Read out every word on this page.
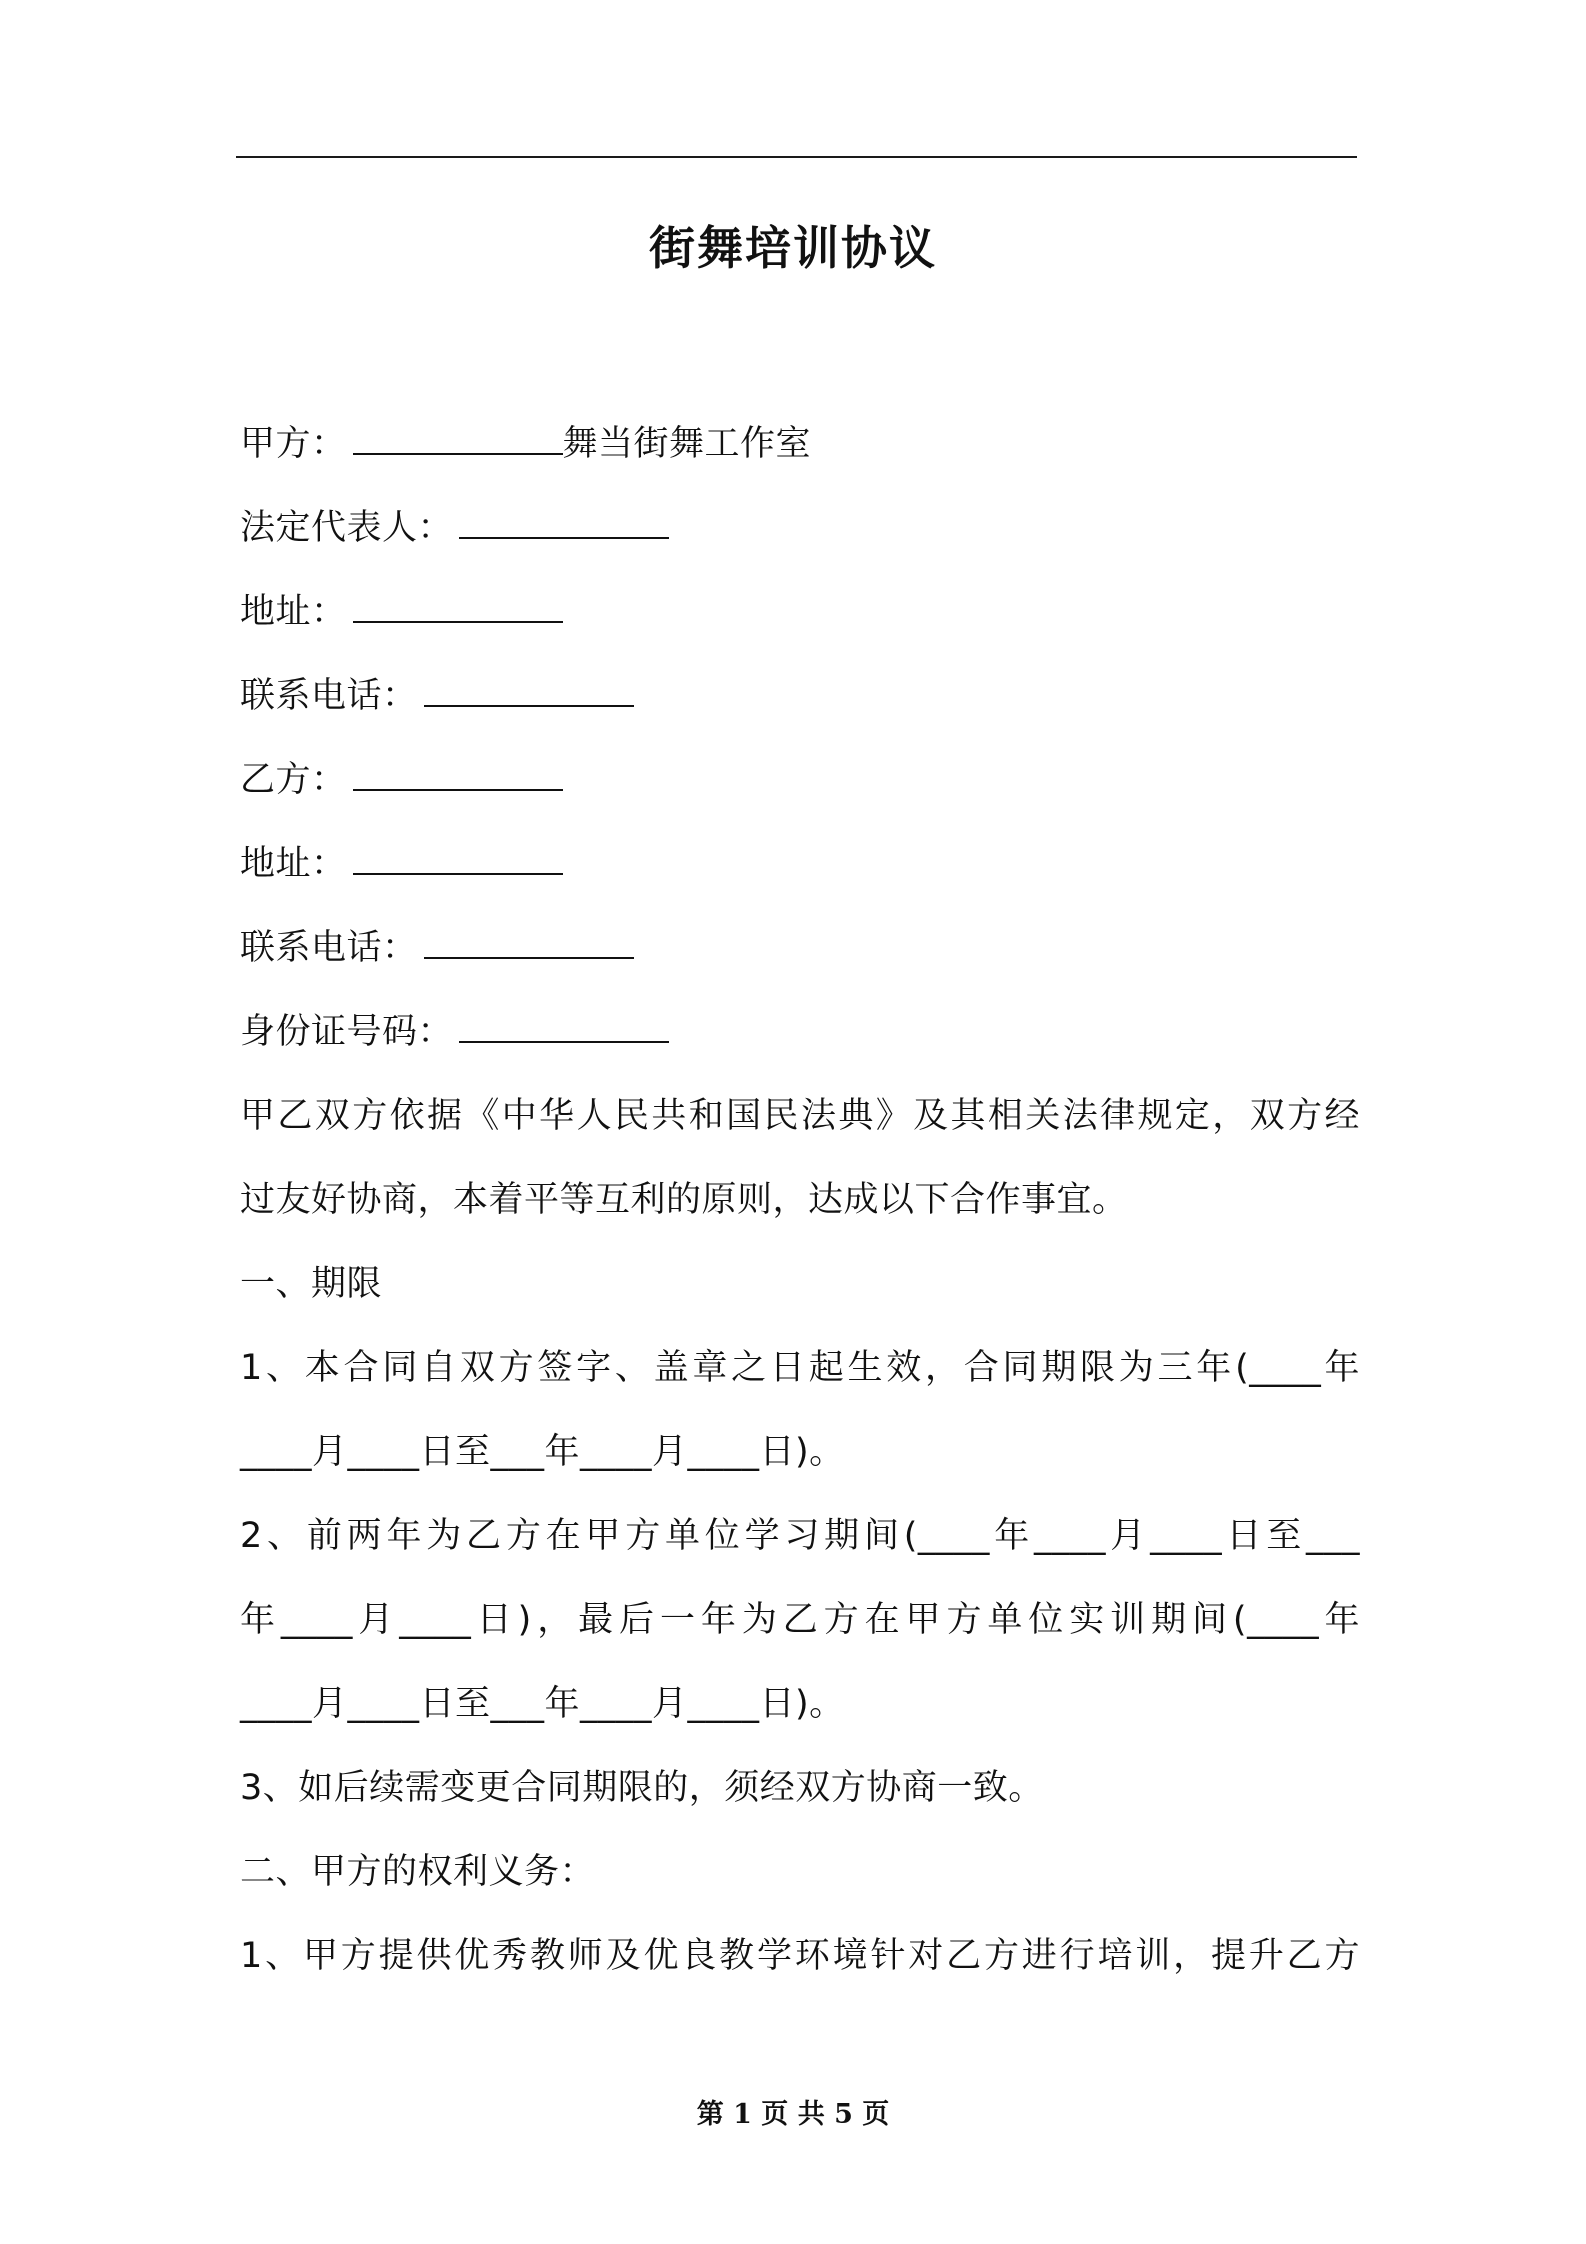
街舞培训协议
甲方：	舞当街舞工作室
法定代表人：
地址：
联系电话：
乙方：
地址：
联系电话：
身份证号码：
甲乙双方依据《中华人民共和国民法典》及其相关法律规定，双方经
过友好协商，本着平等互利的原则，达成以下合作事宜。
一、期限
1、本合同自双方签字、盖章之日起生效，合同期限为三年(____年
____月____日至___年____月____日)。
2、前两年为乙方在甲方单位学习期间(____年____月____日至___
年____月____日)，最后一年为乙方在甲方单位实训期间(____年
____月____日至___年____月____日)。
3、如后续需变更合同期限的，须经双方协商一致。
二、甲方的权利义务：
1、甲方提供优秀教师及优良教学环境针对乙方进行培训，提升乙方
第 1 页 共 5 页
